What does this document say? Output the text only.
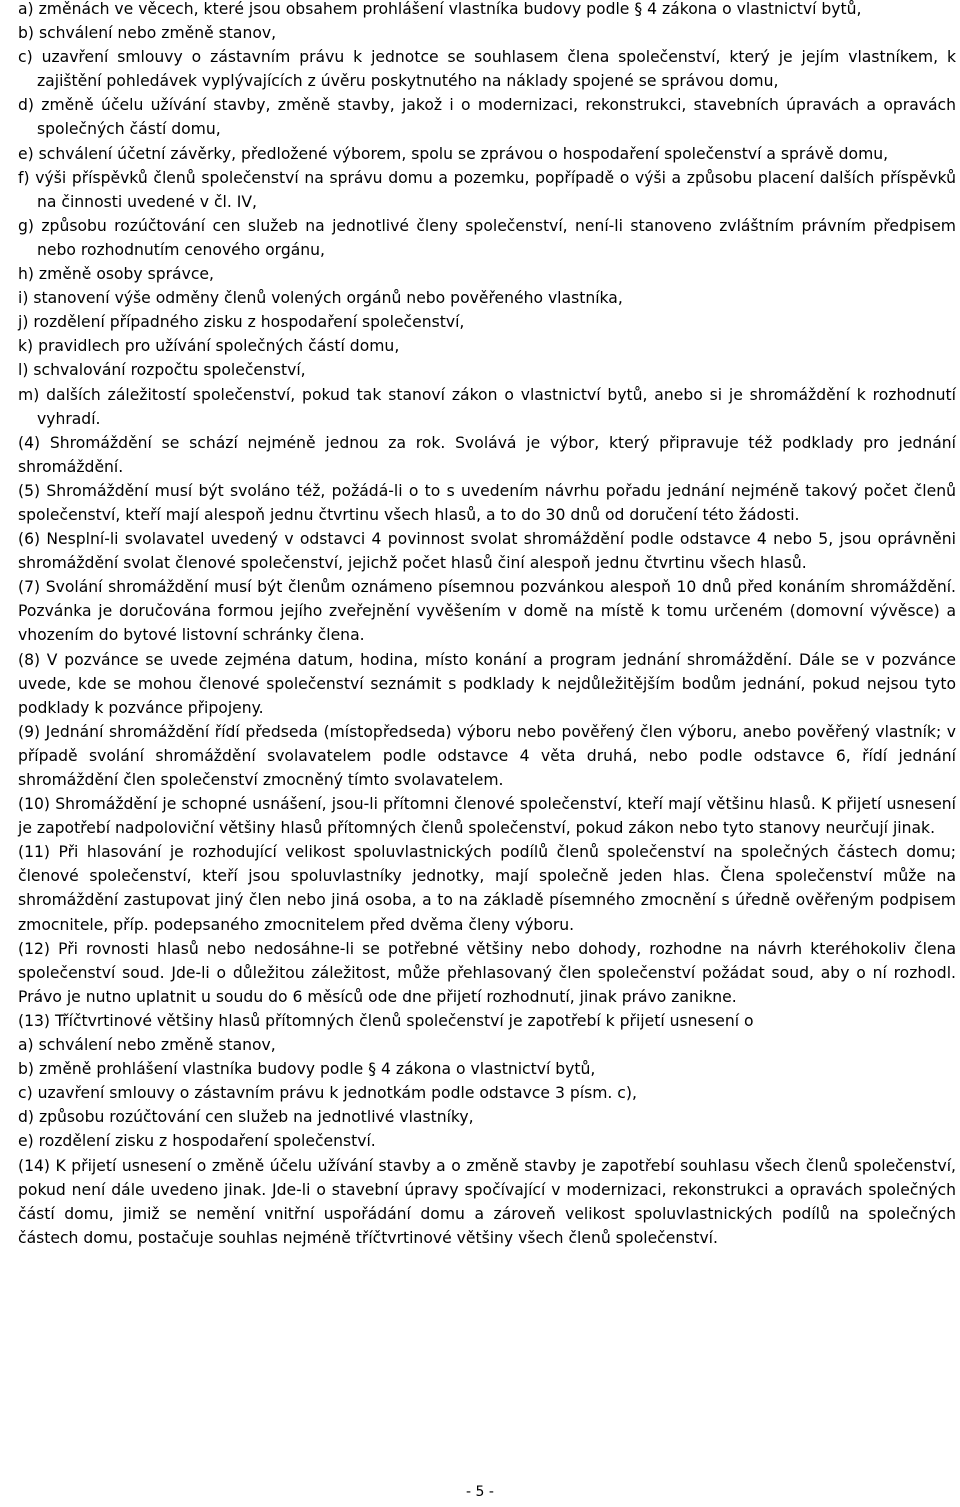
a) změnách ve věcech, které jsou obsahem prohlášení vlastníka budovy podle § 4 zákona o vlastnictví bytů,

b) schválení nebo změně stanov,

c) uzavření smlouvy o zástavním právu k jednotce se souhlasem člena společenství, který je jejím vlastníkem, k zajištění pohledávek vyplývajících z úvěru poskytnutého na náklady spojené se správou domu,

d) změně účelu užívání stavby, změně stavby, jakož i o modernizaci, rekonstrukci, stavebních úpravách a opravách společných částí domu,

e) schválení účetní závěrky, předložené výborem, spolu se zprávou o hospodaření společenství a správě domu,

f) výši příspěvků členů společenství na správu domu a pozemku, popřípadě o výši a způsobu placení dalších příspěvků na činnosti uvedené v čl. IV,

g) způsobu rozúčtování cen služeb na jednotlivé členy společenství, není-li stanoveno zvláštním právním předpisem nebo rozhodnutím cenového orgánu,

h) změně osoby správce,

i) stanovení výše odměny členů volených orgánů nebo pověřeného vlastníka,

j) rozdělení případného zisku z hospodaření společenství,

k) pravidlech pro užívání společných částí domu,

l) schvalování rozpočtu společenství,

m) dalších záležitostí společenství, pokud tak stanoví zákon o vlastnictví bytů, anebo si je shromáždění k rozhodnutí vyhradí.

(4) Shromáždění se schází nejméně jednou za rok. Svolává je výbor, který připravuje též podklady pro jednání shromáždění.

(5) Shromáždění musí být svoláno též, požádá-li o to s uvedením návrhu pořadu jednání nejméně takový počet členů společenství, kteří mají alespoň jednu čtvrtinu všech hlasů, a to do 30 dnů od doručení této žádosti.

(6) Nesplní-li svolavatel uvedený v odstavci 4 povinnost svolat shromáždění podle odstavce 4 nebo 5, jsou oprávněni shromáždění svolat členové společenství, jejichž počet hlasů činí alespoň jednu čtvrtinu všech hlasů.

(7) Svolání shromáždění musí být členům oznámeno písemnou pozvánkou alespoň 10 dnů před konáním shromáždění. Pozvánka je doručována formou jejího zveřejnění vyvěšením v domě na místě k tomu určeném (domovní vývěsce) a vhozením do bytové listovní schránky člena.

(8) V pozvánce se uvede zejména datum, hodina, místo konání a program jednání shromáždění. Dále se v pozvánce uvede, kde se mohou členové společenství seznámit s podklady k nejdůležitějším bodům jednání, pokud nejsou tyto podklady k pozvánce připojeny.

(9) Jednání shromáždění řídí předseda (místopředseda) výboru nebo pověřený člen výboru, anebo pověřený vlastník; v případě svolání shromáždění svolavatelem podle odstavce 4 věta druhá, nebo podle odstavce 6, řídí jednání shromáždění člen společenství zmocněný tímto svolavatelem.

(10) Shromáždění je schopné usnášení, jsou-li přítomni členové společenství, kteří mají většinu hlasů. K přijetí usnesení je zapotřebí nadpoloviční většiny hlasů přítomných členů společenství, pokud zákon nebo tyto stanovy neurčují jinak.

(11) Při hlasování je rozhodující velikost spoluvlastnických podílů členů společenství na společných částech domu; členové společenství, kteří jsou spoluvlastníky jednotky, mají společně jeden hlas. Člena společenství může na shromáždění zastupovat jiný člen nebo jiná osoba, a to na základě písemného zmocnění s úředně ověřeným podpisem zmocnitele, příp. podepsaného zmocnitelem před dvěma členy výboru.

(12) Při rovnosti hlasů nebo nedosáhne-li se potřebné většiny nebo dohody, rozhodne na návrh kteréhokoliv člena společenství soud. Jde-li o důležitou záležitost, může přehlasovaný člen společenství požádat soud, aby o ní rozhodl. Právo je nutno uplatnit u soudu do 6 měsíců ode dne přijetí rozhodnutí, jinak právo zanikne.

(13) Tříčtvrtinové většiny hlasů přítomných členů společenství je zapotřebí k přijetí usnesení o

a) schválení nebo změně stanov,

b) změně prohlášení vlastníka budovy podle § 4 zákona o vlastnictví bytů,

c) uzavření smlouvy o zástavním právu k jednotkám podle odstavce 3 písm. c),

d) způsobu rozúčtování cen služeb na jednotlivé vlastníky,

e) rozdělení zisku z hospodaření společenství.

(14) K přijetí usnesení o změně účelu užívání stavby a o změně stavby je zapotřebí souhlasu všech členů společenství, pokud není dále uvedeno jinak. Jde-li o stavební úpravy spočívající v modernizaci, rekonstrukci a opravách společných částí domu, jimiž se nemění vnitřní uspořádání domu a zároveň velikost spoluvlastnických podílů na společných částech domu, postačuje souhlas nejméně tříčtvrtinové většiny všech členů společenství.

- 5 -
